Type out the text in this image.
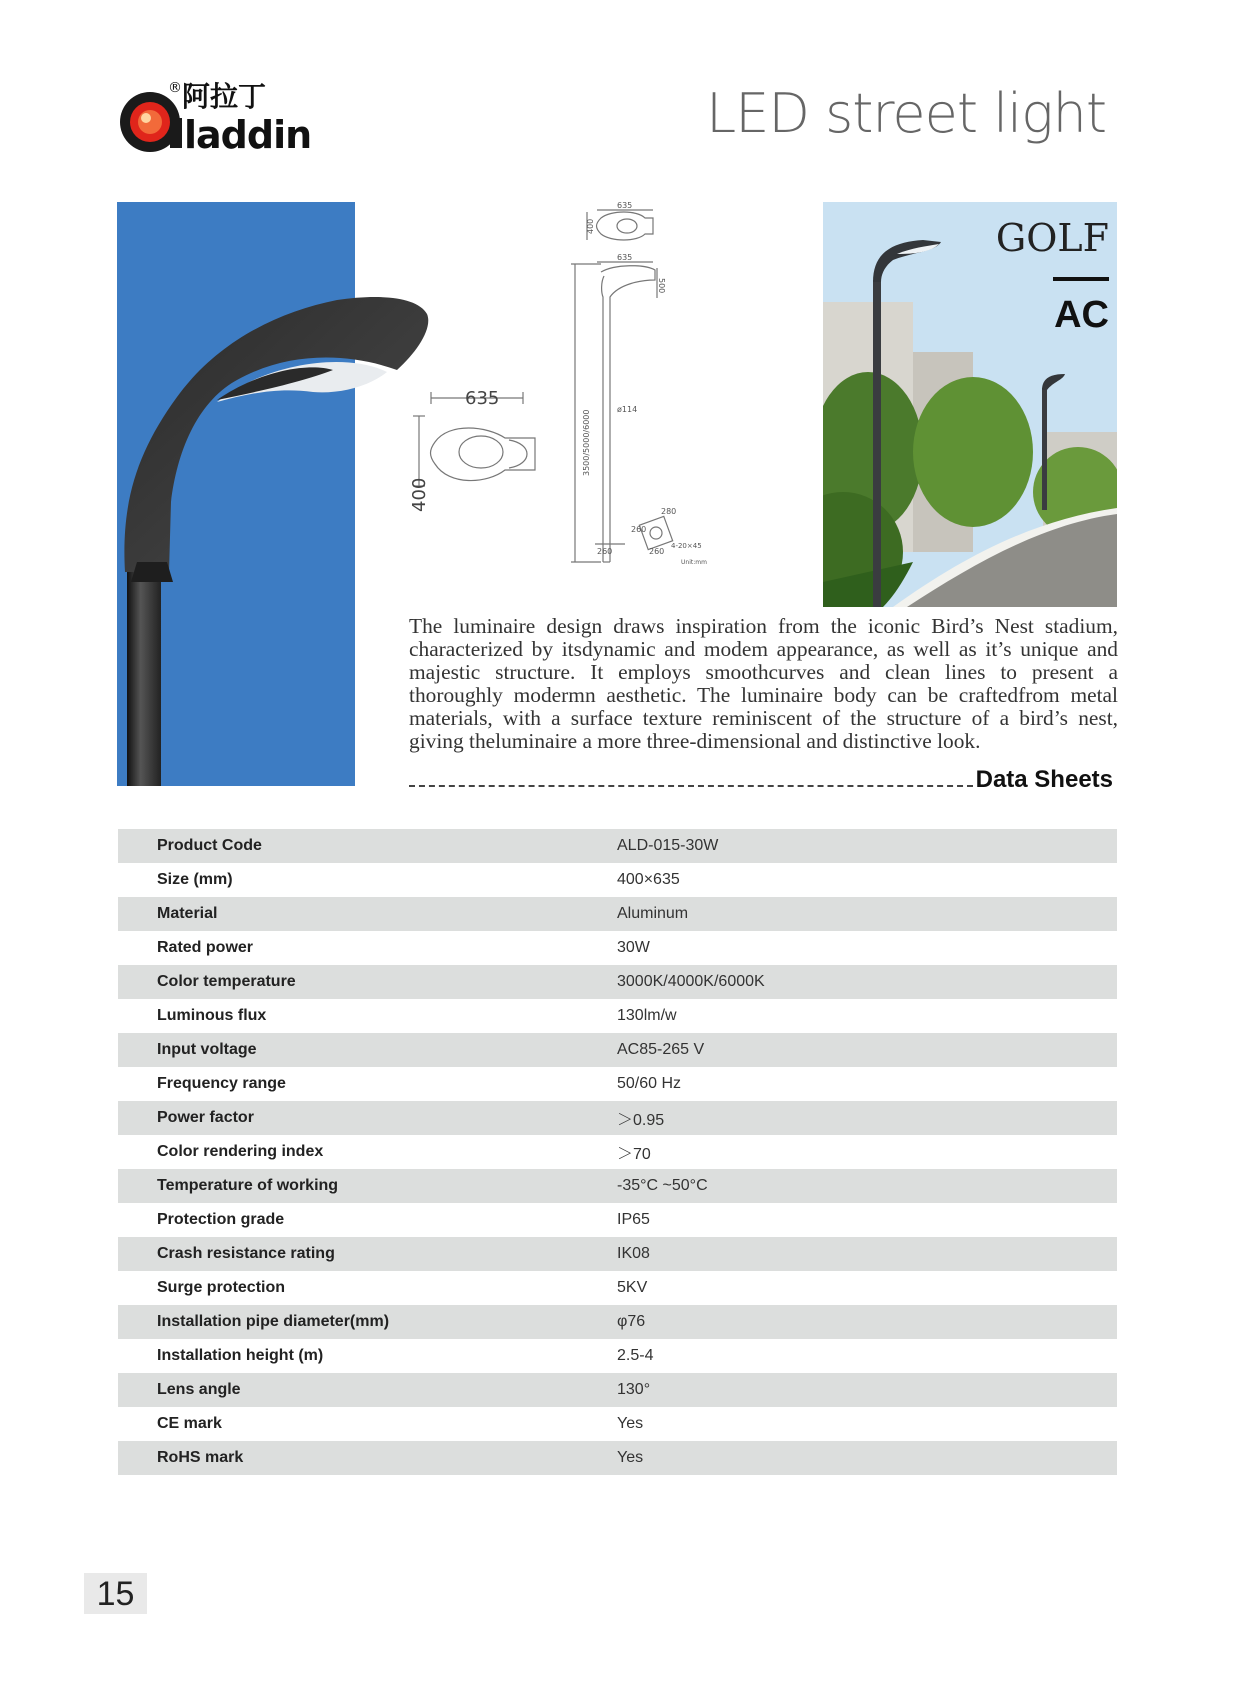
® 阿拉丁
laddin	LED street light
635
400
635
500
ø114
3500/5000/6000
635
400
260	260
260
280
4-20×45
Unit:mm
GOLF
AC
The luminaire design draws inspiration from the iconic Bird’s Nest stadium, characterized by itsdynamic and modem appearance, as well as it’s unique and majestic structure. It employs smoothcurves and clean lines to present a thoroughly modermn aesthetic. The luminaire body can be craftedfrom metal materials, with a surface texture reminiscent of the structure of a bird’s nest, giving theluminaire a more three-dimensional and distinctive look.
Data Sheets
Product Code	ALD-015-30W
Size (mm)	400×635
Material	Aluminum
Rated power	30W
Color temperature	3000K/4000K/6000K
Luminous flux	130lm/w
Input voltage	AC85-265 V
Frequency range	50/60 Hz
Power factor	＞0.95
Color rendering index	＞70
Temperature of working	-35°C ~50°C
Protection grade	IP65
Crash resistance rating	IK08
Surge protection	5KV
Installation pipe diameter(mm)	φ76
Installation height (m)	2.5-4
Lens angle	130°
CE mark	Yes
RoHS mark	Yes
15
